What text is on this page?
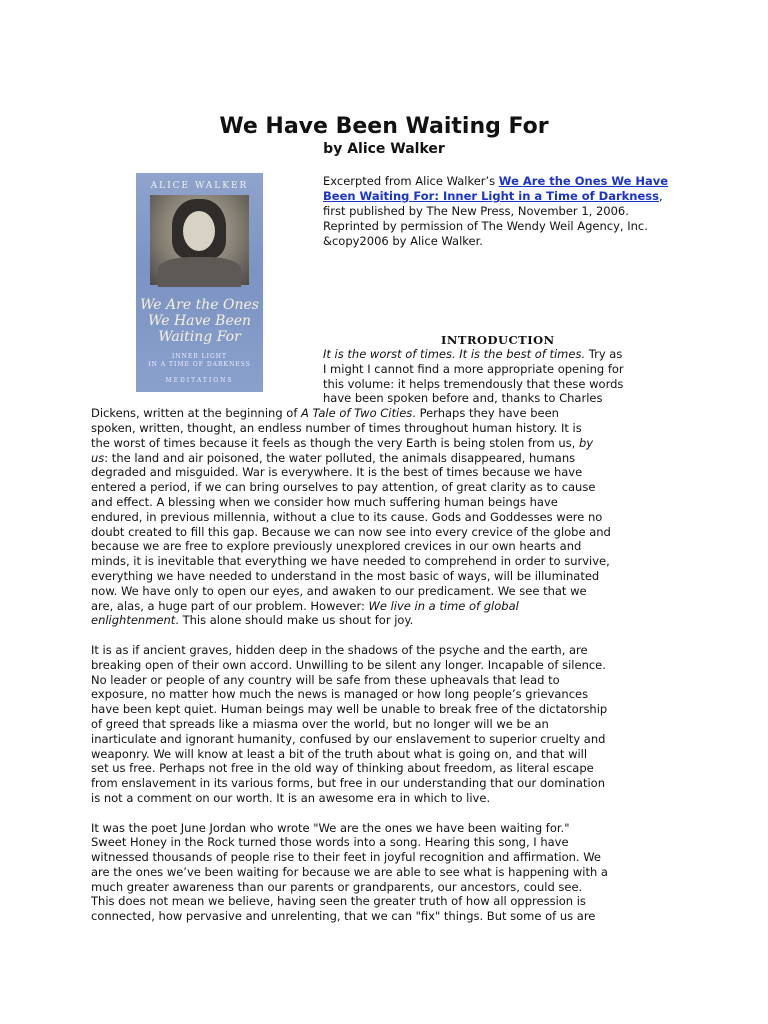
We Have Been Waiting For
by Alice Walker
ALICE WALKER
We Are the Ones
We Have Been
Waiting For
INNER LIGHT
IN A TIME OF DARKNESS
MEDITATIONS
Excerpted from Alice Walker’s We Are the Ones We Have Been Waiting For: Inner Light in a Time of Darkness, first published by The New Press, November 1, 2006. Reprinted by permission of The Wendy Weil Agency, Inc. &copy2006 by Alice Walker.
INTRODUCTION

It is the worst of times. It is the best of times. Try as
I might I cannot find a more appropriate opening for
this volume: it helps tremendously that these words
have been spoken before and, thanks to Charles
Dickens, written at the beginning of A Tale of Two Cities. Perhaps they have been
spoken, written, thought, an endless number of times throughout human history. It is
the worst of times because it feels as though the very Earth is being stolen from us, by
us: the land and air poisoned, the water polluted, the animals disappeared, humans
degraded and misguided. War is everywhere. It is the best of times because we have
entered a period, if we can bring ourselves to pay attention, of great clarity as to cause
and effect. A blessing when we consider how much suffering human beings have
endured, in previous millennia, without a clue to its cause. Gods and Goddesses were no
doubt created to fill this gap. Because we can now see into every crevice of the globe and
because we are free to explore previously unexplored crevices in our own hearts and
minds, it is inevitable that everything we have needed to comprehend in order to survive,
everything we have needed to understand in the most basic of ways, will be illuminated
now. We have only to open our eyes, and awaken to our predicament. We see that we
are, alas, a huge part of our problem. However: We live in a time of global
enlightenment. This alone should make us shout for joy.

It is as if ancient graves, hidden deep in the shadows of the psyche and the earth, are
breaking open of their own accord. Unwilling to be silent any longer. Incapable of silence.
No leader or people of any country will be safe from these upheavals that lead to
exposure, no matter how much the news is managed or how long people’s grievances
have been kept quiet. Human beings may well be unable to break free of the dictatorship
of greed that spreads like a miasma over the world, but no longer will we be an
inarticulate and ignorant humanity, confused by our enslavement to superior cruelty and
weaponry. We will know at least a bit of the truth about what is going on, and that will
set us free. Perhaps not free in the old way of thinking about freedom, as literal escape
from enslavement in its various forms, but free in our understanding that our domination
is not a comment on our worth. It is an awesome era in which to live.

It was the poet June Jordan who wrote "We are the ones we have been waiting for."
Sweet Honey in the Rock turned those words into a song. Hearing this song, I have
witnessed thousands of people rise to their feet in joyful recognition and affirmation. We
are the ones we’ve been waiting for because we are able to see what is happening with a
much greater awareness than our parents or grandparents, our ancestors, could see.
This does not mean we believe, having seen the greater truth of how all oppression is
connected, how pervasive and unrelenting, that we can "fix" things. But some of us are
